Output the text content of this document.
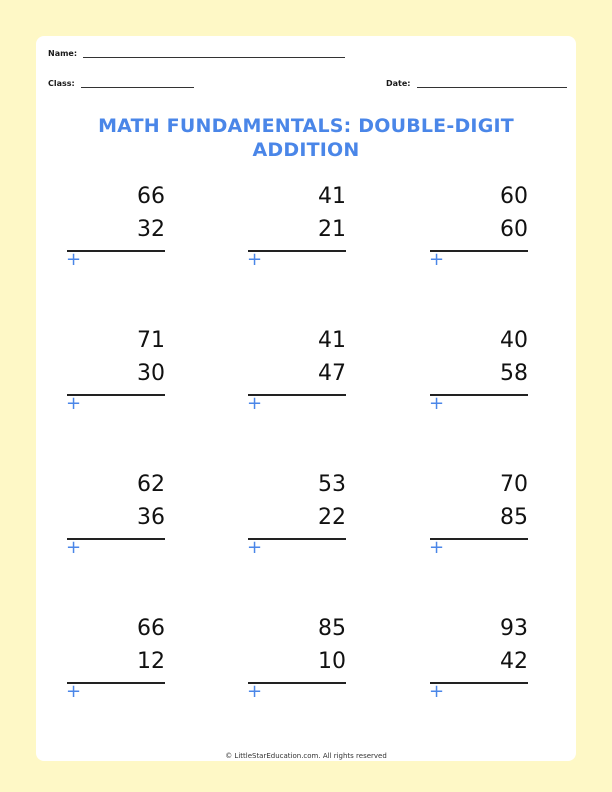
Name:
Class:	Date:
MATH FUNDAMENTALS: DOUBLE-DIGIT
ADDITION
66
32
+
41
21
+
60
60
+
71
30
+
41
47
+
40
58
+
62
36
+
53
22
+
70
85
+
66
12
+
85
10
+
93
42
+
© LittleStarEducation.com. All rights reserved
